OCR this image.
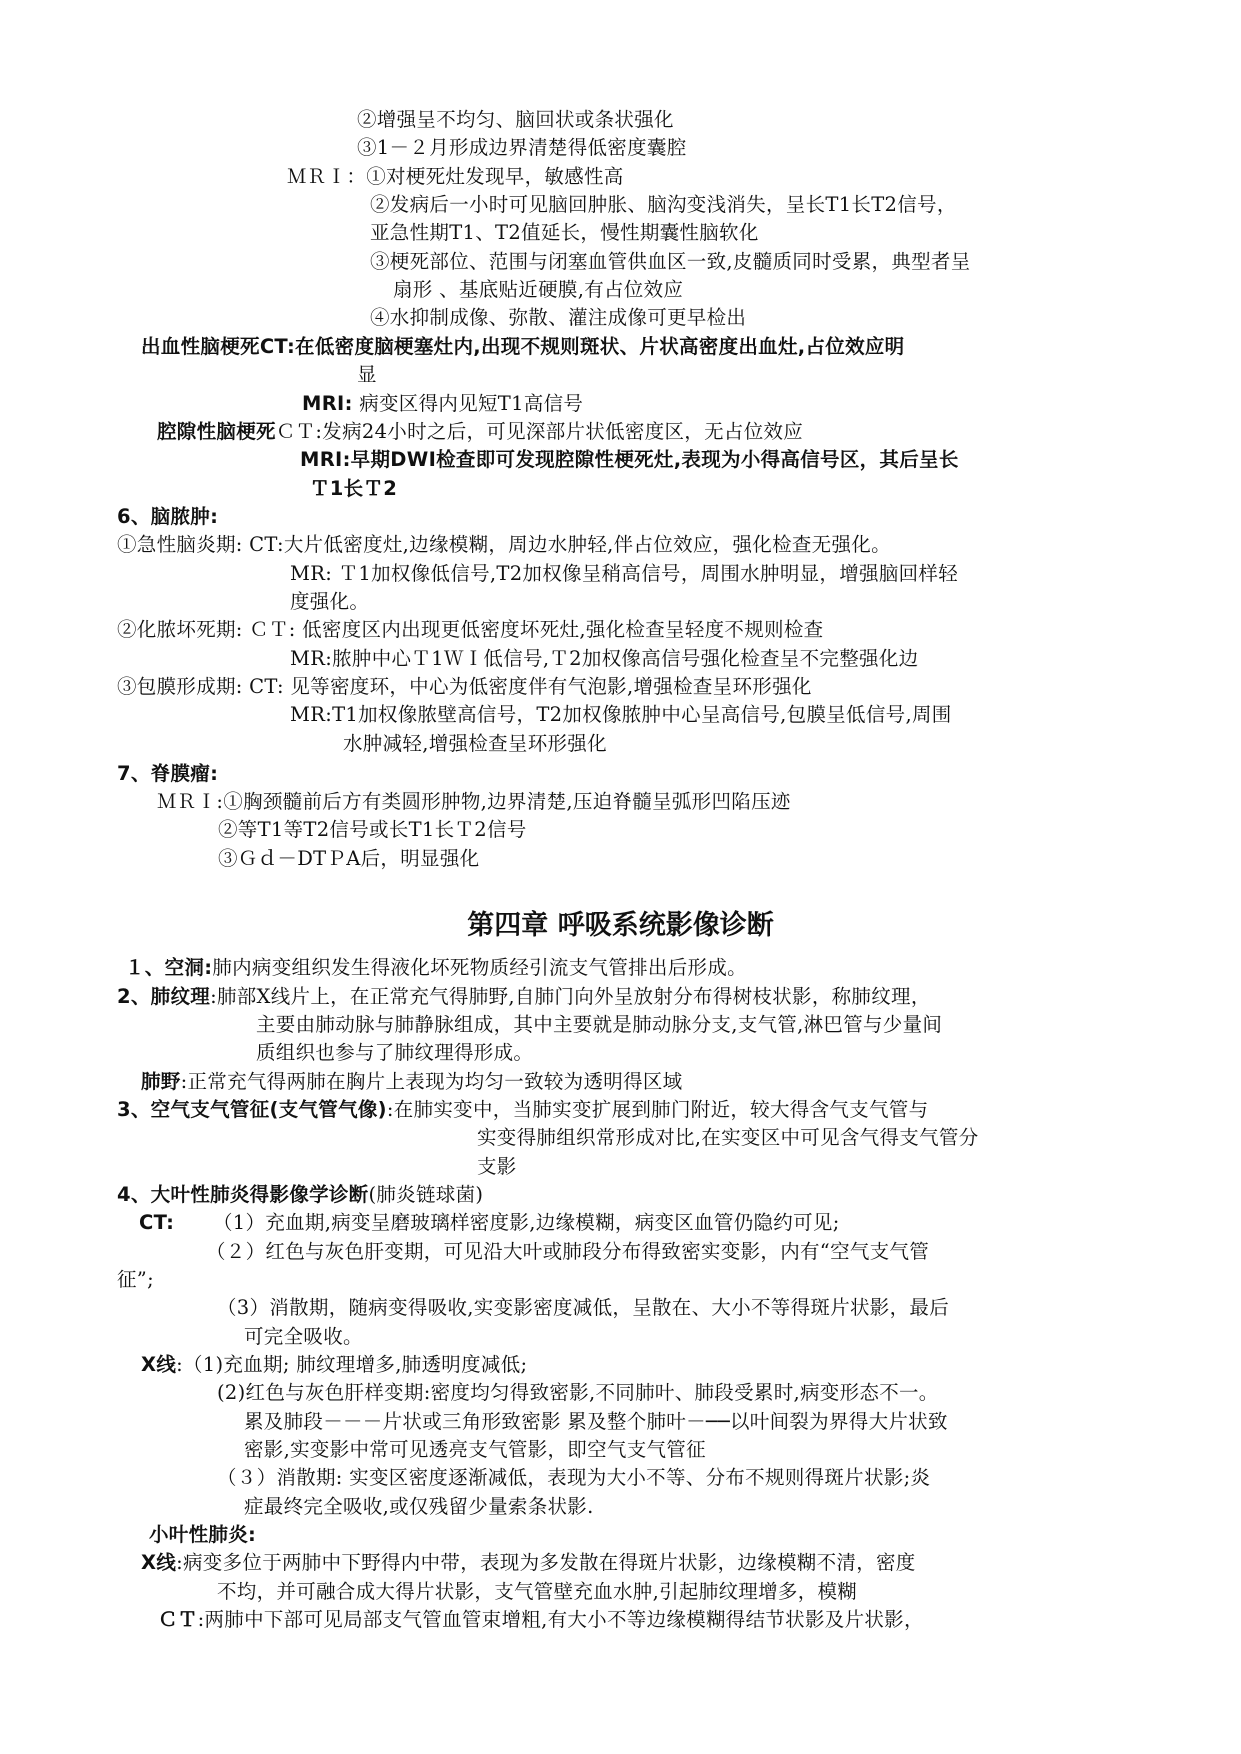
②增强呈不均匀、脑回状或条状强化
③1－２月形成边界清楚得低密度囊腔
ＭＲＩ：①对梗死灶发现早，敏感性高
②发病后一小时可见脑回肿胀、脑沟变浅消失，呈长T1长T2信号，
亚急性期T1、T2值延长，慢性期囊性脑软化
③梗死部位、范围与闭塞血管供血区一致,皮髓质同时受累，典型者呈
扇形 、基底贴近硬膜,有占位效应
④水抑制成像、弥散、灌注成像可更早检出
出血性脑梗死CT:在低密度脑梗塞灶内,出现不规则斑状、片状高密度出血灶,占位效应明
显
MRI: 病变区得内见短T1高信号
腔隙性脑梗死ＣＴ:发病24小时之后，可见深部片状低密度区，无占位效应
MRI:早期DWI检查即可发现腔隙性梗死灶,表现为小得高信号区，其后呈长
Ｔ1长Ｔ2
6、脑脓肿:
①急性脑炎期: CT:大片低密度灶,边缘模糊，周边水肿轻,伴占位效应，强化检查无强化。
MR: Ｔ1加权像低信号,T2加权像呈稍高信号，周围水肿明显，增强脑回样轻
度强化。
②化脓坏死期: ＣＴ: 低密度区内出现更低密度坏死灶,强化检查呈轻度不规则检查
MR:脓肿中心Ｔ1ＷＩ低信号,Ｔ2加权像高信号强化检查呈不完整强化边
③包膜形成期: CT: 见等密度环，中心为低密度伴有气泡影,增强检查呈环形强化
MR:T1加权像脓壁高信号，T2加权像脓肿中心呈高信号,包膜呈低信号,周围
水肿减轻,增强检查呈环形强化
7、脊膜瘤:
ＭＲＩ:①胸颈髓前后方有类圆形肿物,边界清楚,压迫脊髓呈弧形凹陷压迹
②等T1等T2信号或长T1长Ｔ2信号
③Ｇｄ－DTＰA后，明显强化
第四章 呼吸系统影像诊断
１、空洞:肺内病变组织发生得液化坏死物质经引流支气管排出后形成。
2、肺纹理:肺部X线片上，在正常充气得肺野,自肺门向外呈放射分布得树枝状影，称肺纹理，
主要由肺动脉与肺静脉组成，其中主要就是肺动脉分支,支气管,淋巴管与少量间
质组织也参与了肺纹理得形成。
肺野:正常充气得两肺在胸片上表现为均匀一致较为透明得区域
3、空气支气管征(支气管气像):在肺实变中，当肺实变扩展到肺门附近，较大得含气支气管与
实变得肺组织常形成对比,在实变区中可见含气得支气管分
支影
4、大叶性肺炎得影像学诊断(肺炎链球菌)
CT: （1）充血期,病变呈磨玻璃样密度影,边缘模糊，病变区血管仍隐约可见;
（２）红色与灰色肝变期，可见沿大叶或肺段分布得致密实变影，内有“空气支气管
征”;
（3）消散期，随病变得吸收,实变影密度减低，呈散在、大小不等得斑片状影，最后
可完全吸收。
X线:（1)充血期; 肺纹理增多,肺透明度减低;
(2)红色与灰色肝样变期:密度均匀得致密影,不同肺叶、肺段受累时,病变形态不一。
累及肺段－－－片状或三角形致密影 累及整个肺叶－──以叶间裂为界得大片状致
密影,实变影中常可见透亮支气管影，即空气支气管征
（３）消散期: 实变区密度逐渐减低，表现为大小不等、分布不规则得斑片状影;炎
症最终完全吸收,或仅残留少量索条状影.
小叶性肺炎:
X线:病变多位于两肺中下野得内中带，表现为多发散在得斑片状影，边缘模糊不清，密度
不均，并可融合成大得片状影，支气管壁充血水肿,引起肺纹理增多，模糊
ＣＴ:两肺中下部可见局部支气管血管束增粗,有大小不等边缘模糊得结节状影及片状影，
